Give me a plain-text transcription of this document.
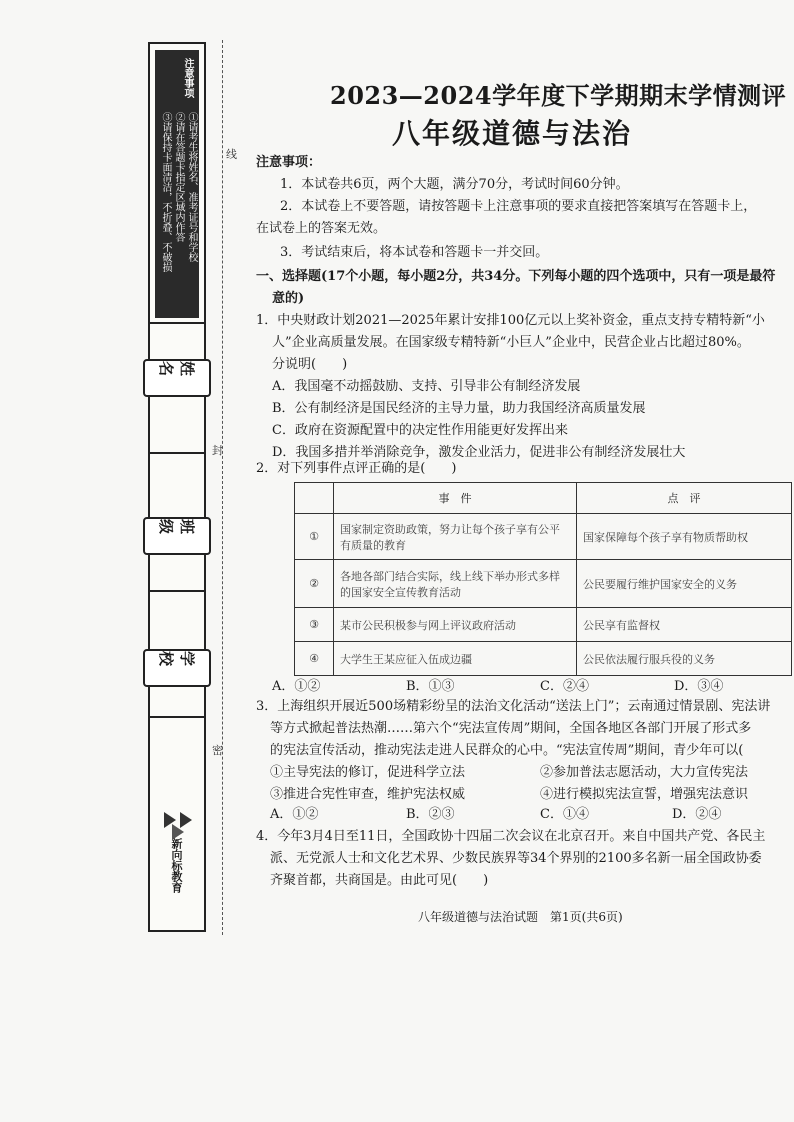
注意事项
①请考生将姓名、准考证号和学校
②请在答题卡指定区域内作答
③请保持卡面清洁，不折叠、不破损
姓　名
班　级
学　校
新向标教育
线
封
密
2023—2024学年度下学期期末学情测评
八年级道德与法治
注意事项：
1．本试卷共6页，两个大题，满分70分，考试时间60分钟。
2．本试卷上不要答题，请按答题卡上注意事项的要求直接把答案填写在答题卡上，
在试卷上的答案无效。
3．考试结束后，将本试卷和答题卡一并交回。
一、选择题(17个小题，每小题2分，共34分。下列每小题的四个选项中，只有一项是最符
意的)
1．中央财政计划2021—2025年累计安排100亿元以上奖补资金，重点支持专精特新“小
人”企业高质量发展。在国家级专精特新“小巨人”企业中，民营企业占比超过80%。
分说明(　　)
A．我国毫不动摇鼓励、支持、引导非公有制经济发展
B．公有制经济是国民经济的主导力量，助力我国经济高质量发展
C．政府在资源配置中的决定性作用能更好发挥出来
D．我国多措并举消除竞争，激发企业活力，促进非公有制经济发展壮大
2．对下列事件点评正确的是(　　)
	事　件	点　评
①	国家制定资助政策，努力让每个孩子享有公平有质量的教育	国家保障每个孩子享有物质帮助权
②	各地各部门结合实际，线上线下举办形式多样的国家安全宣传教育活动	公民要履行维护国家安全的义务
③	某市公民积极参与网上评议政府活动	公民享有监督权
④	大学生王某应征入伍成边疆	公民依法履行服兵役的义务
A．①②	B．①③	C．②④	D．③④
3．上海组织开展近500场精彩纷呈的法治文化活动“送法上门”；云南通过情景剧、宪法讲
等方式掀起普法热潮……第六个“宪法宣传周”期间，全国各地区各部门开展了形式多
的宪法宣传活动，推动宪法走进人民群众的心中。“宪法宣传周”期间，青少年可以(　
①主导宪法的修订，促进科学立法	②参加普法志愿活动，大力宣传宪法
③推进合宪性审查，维护宪法权威	④进行模拟宪法宣誓，增强宪法意识
A．①②	B．②③	C．①④	D．②④
4．今年3月4日至11日，全国政协十四届二次会议在北京召开。来自中国共产党、各民主
派、无党派人士和文化艺术界、少数民族界等34个界别的2100多名新一届全国政协委
齐聚首都，共商国是。由此可见(　　)
八年级道德与法治试题　第1页(共6页)
